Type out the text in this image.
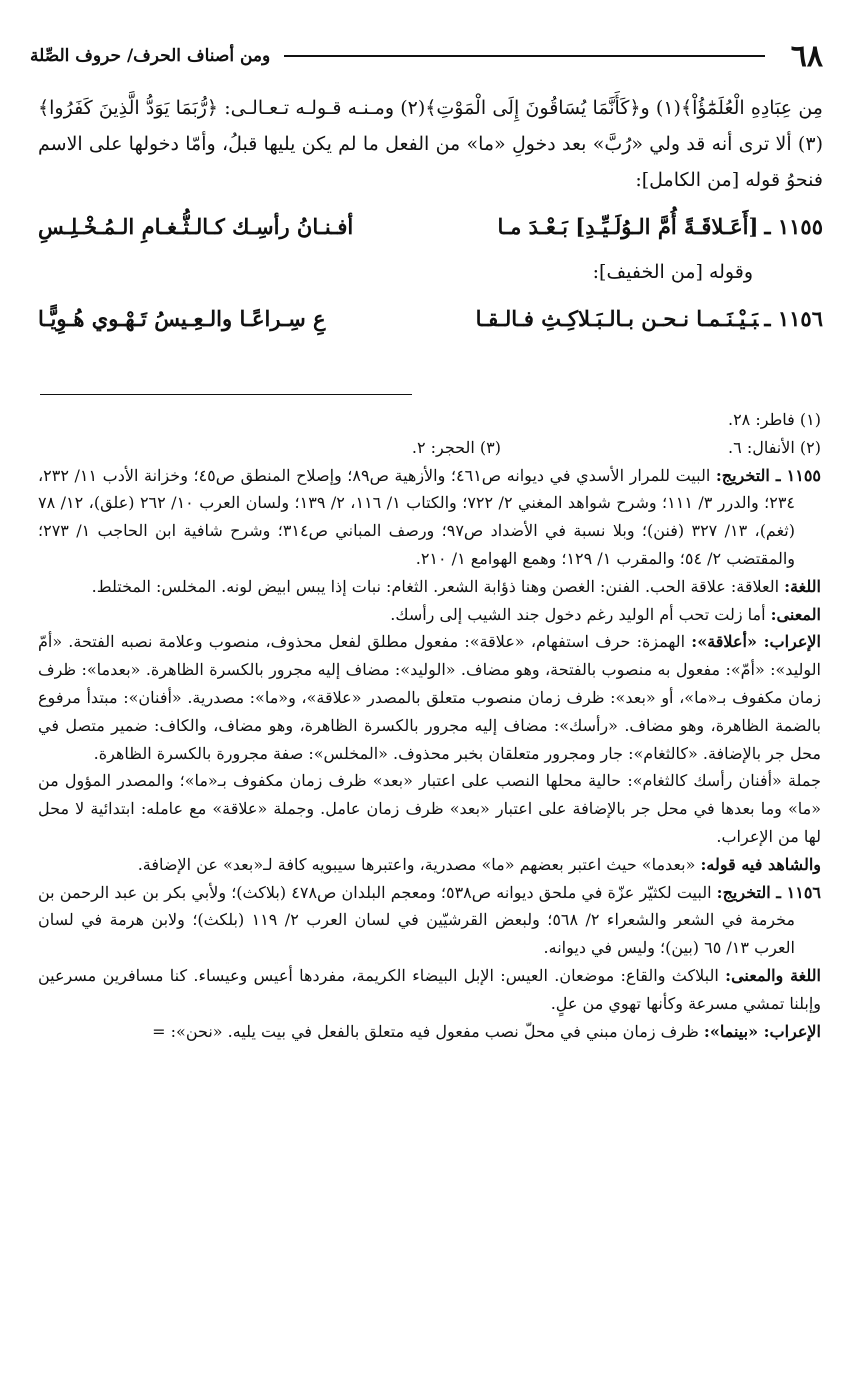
٦٨
ومن أصناف الحرف/ حروف الصِّلة

مِن عِبَادِهِ الْعُلَمَٰٓؤُاْ﴾(١) و﴿كَأَنَّمَا يُسَاقُونَ إِلَى الْمَوْتِ﴾(٢) ومـنـه قـولـه تـعـالـى: ﴿رُّبَمَا يَوَدُّ الَّذِينَ كَفَرُوا﴾(٣) ألا ترى أنه قد ولي «رُبَّ» بعد دخولِ «ما» من الفعل ما لم يكن يليها قبلُ، وأمّا دخولها على الاسم فنحوُ قوله [من الكامل]:

١١٥٥ ـ[أَعَـلاقَـةً أُمَّ الـوُلَـيِّـدِ] بَـعْـدَ مـا
أفـنـانُ رأسِـك كـالـثُّـغـامِ الـمُـخْـلِـسِ
وقوله [من الخفيف]:
١١٥٦ ـبَـيْـنَـمـا نـحـن بـالـبَـلاكِـثِ فـالـقـا
عِ سِـراعًـا والـعِـيسُ تَـهْـوي هُـوِيًّـا

(١) فاطر: ٢٨.

(٢) الأنفال: ٦.
(٣) الحجر: ٢.

١١٥٥ ـ التخريج: البيت للمرار الأسدي في ديوانه ص٤٦١؛ والأزهية ص٨٩؛ وإصلاح المنطق ص٤٥؛ وخزانة الأدب ١١/ ٢٣٢، ٢٣٤؛ والدرر ٣/ ١١١؛ وشرح شواهد المغني ٢/ ٧٢٢؛ والكتاب ١/ ١١٦، ٢/ ١٣٩؛ ولسان العرب ١٠/ ٢٦٢ (علق)، ١٢/ ٧٨ (ثغم)، ١٣/ ٣٢٧ (فنن)؛ وبلا نسبة في الأضداد ص٩٧؛ ورصف المباني ص٣١٤؛ وشرح شافية ابن الحاجب ١/ ٢٧٣؛ والمقتضب ٢/ ٥٤؛ والمقرب ١/ ١٢٩؛ وهمع الهوامع ١/ ٢١٠.

اللغة: العلاقة: علاقة الحب. الفنن: الغصن وهنا ذؤابة الشعر. الثغام: نبات إذا يبس ابيض لونه. المخلس: المختلط.

المعنى: أما زلت تحب أم الوليد رغم دخول جند الشيب إلى رأسك.

الإعراب: «أعلاقة»: الهمزة: حرف استفهام، «علاقة»: مفعول مطلق لفعل محذوف، منصوب وعلامة نصبه الفتحة. «أمّ الوليد»: «أمّ»: مفعول به منصوب بالفتحة، وهو مضاف. «الوليد»: مضاف إليه مجرور بالكسرة الظاهرة. «بعدما»: ظرف زمان مكفوف بـ«ما»، أو «بعد»: ظرف زمان منصوب متعلق بالمصدر «علاقة»، و«ما»: مصدرية. «أفنان»: مبتدأ مرفوع بالضمة الظاهرة، وهو مضاف. «رأسك»: مضاف إليه مجرور بالكسرة الظاهرة، وهو مضاف، والكاف: ضمير متصل في محل جر بالإضافة. «كالثغام»: جار ومجرور متعلقان بخبر محذوف. «المخلس»: صفة مجرورة بالكسرة الظاهرة.

جملة «أفنان رأسك كالثغام»: حالية محلها النصب على اعتبار «بعد» ظرف زمان مكفوف بـ«ما»؛ والمصدر المؤول من «ما» وما بعدها في محل جر بالإضافة على اعتبار «بعد» ظرف زمان عامل. وجملة «علاقة» مع عامله: ابتدائية لا محل لها من الإعراب.

والشاهد فيه قوله: «بعدما» حيث اعتبر بعضهم «ما» مصدرية، واعتبرها سيبويه كافة لـ«بعد» عن الإضافة.

١١٥٦ ـ التخريج: البيت لكثيّر عزّة في ملحق ديوانه ص٥٣٨؛ ومعجم البلدان ص٤٧٨ (بلاكث)؛ ولأبي بكر بن عبد الرحمن بن مخرمة في الشعر والشعراء ٢/ ٥٦٨؛ ولبعض القرشيّين في لسان العرب ٢/ ١١٩ (بلكث)؛ ولابن هرمة في لسان العرب ١٣/ ٦٥ (بين)؛ وليس في ديوانه.

اللغة والمعنى: البلاكث والقاع: موضعان. العيس: الإبل البيضاء الكريمة، مفردها أعيس وعيساء. كنا مسافرين مسرعين وإبلنا تمشي مسرعة وكأنها تهوي من علٍ.

الإعراب: «بينما»: ظرف زمان مبني في محلّ نصب مفعول فيه متعلق بالفعل في بيت يليه. «نحن»: =
